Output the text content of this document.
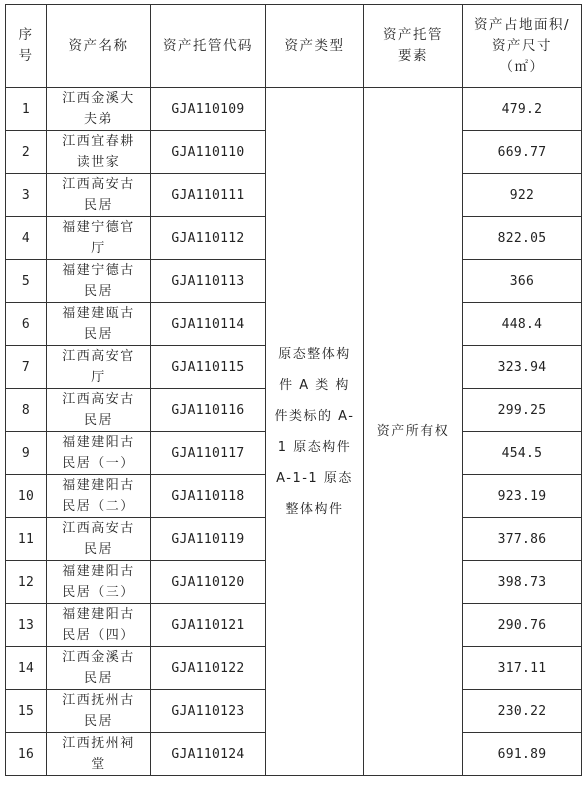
序号	资产名称	资产托管代码	资产类型	资产托管要素	资产占地面积/资产尺寸（㎡）
1	江西金溪大夫弟	GJA110109	原态整体构件 A 类 构件类标的 A-1 原态构件 A-1-1 原态整体构件	资产所有权	479.2
2	江西宜春耕读世家	GJA110110			669.77
3	江西高安古民居	GJA110111			922
4	福建宁德官厅	GJA110112			822.05
5	福建宁德古民居	GJA110113			366
6	福建建瓯古民居	GJA110114			448.4
7	江西高安官厅	GJA110115			323.94
8	江西高安古民居	GJA110116			299.25
9	福建建阳古民居（一）	GJA110117			454.5
10	福建建阳古民居（二）	GJA110118			923.19
11	江西高安古民居	GJA110119			377.86
12	福建建阳古民居（三）	GJA110120			398.73
13	福建建阳古民居（四）	GJA110121			290.76
14	江西金溪古民居	GJA110122			317.11
15	江西抚州古民居	GJA110123			230.22
16	江西抚州祠堂	GJA110124			691.89
